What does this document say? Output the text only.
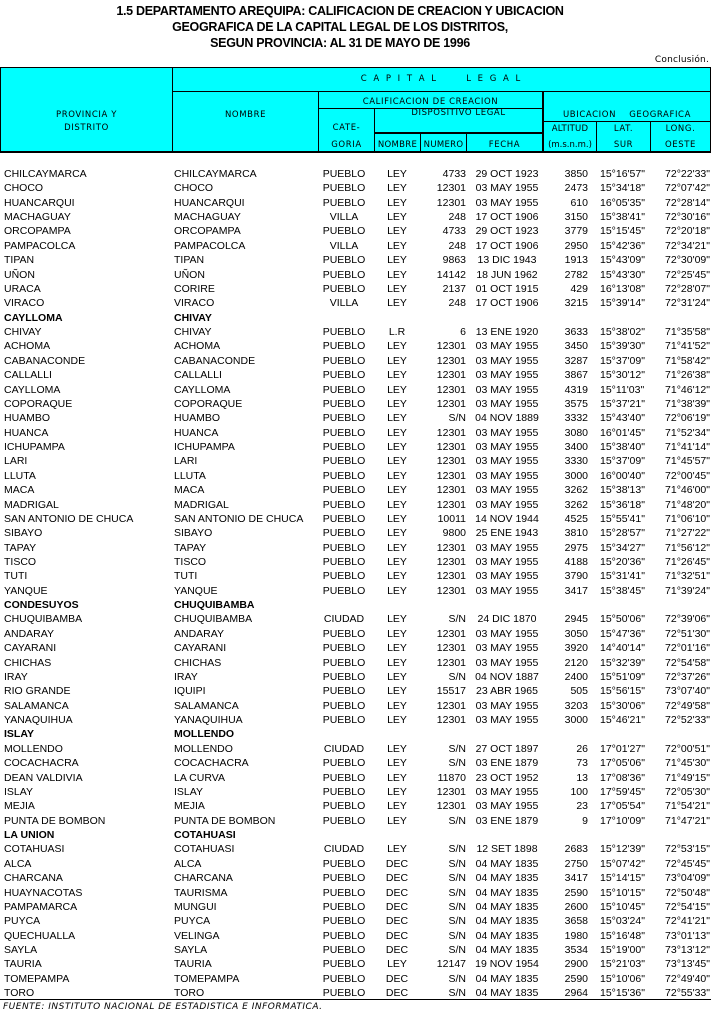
1.5 DEPARTAMENTO AREQUIPA: CALIFICACION DE CREACION Y UBICACION
GEOGRAFICA DE LA CAPITAL LEGAL DE LOS DISTRITOS,
SEGUN PROVINCIA: AL 31 DE MAYO DE 1996
Conclusión.
PROVINCIA Y
DISTRITO
C A P I T A L      L E G A L
NOMBRE
CALIFICACION DE CREACION
DISPOSITIVO LEGAL
CATE-
GORIA	NOMBRE NUMERO	FECHA
UBICACION    GEOGRAFICA
ALTITUD
(m.s.n.m.)
LAT.
SUR
LONG.
OESTE
CHILCAYMARCA	CHILCAYMARCA	PUEBLO	LEY	4733 29 OCT 1923	3850 15°16'57"	72°22'33"
CHOCO	CHOCO	PUEBLO	LEY	12301 03 MAY 1955	2473 15°34'18"	72°07'42"
HUANCARQUI	HUANCARQUI	PUEBLO	LEY	12301 03 MAY 1955	610 16°05'35"	72°28'14"
MACHAGUAY	MACHAGUAY	VILLA	LEY	248 17 OCT 1906	3150 15°38'41"	72°30'16"
ORCOPAMPA	ORCOPAMPA	PUEBLO	LEY	4733 29 OCT 1923	3779 15°15'45"	72°20'18"
PAMPACOLCA	PAMPACOLCA	VILLA	LEY	248 17 OCT 1906	2950 15°42'36"	72°34'21"
TIPAN	TIPAN	PUEBLO	LEY	9863	13 DIC 1943	1913 15°43'09"	72°30'09"
UÑON	UÑON	PUEBLO	LEY	14142 18 JUN 1962	2782 15°43'30"	72°25'45"
URACA	CORIRE	PUEBLO	LEY	2137 01 OCT 1915	429 16°13'08"	72°28'07"
VIRACO	VIRACO	VILLA	LEY	248 17 OCT 1906	3215 15°39'14"	72°31'24"
CAYLLOMA	CHIVAY
CHIVAY	CHIVAY	PUEBLO	L.R	6 13 ENE 1920	3633 15°38'02"	71°35'58"
ACHOMA	ACHOMA	PUEBLO	LEY	12301 03 MAY 1955	3450 15°39'30"	71°41'52"
CABANACONDE	CABANACONDE	PUEBLO	LEY	12301 03 MAY 1955	3287 15°37'09"	71°58'42"
CALLALLI	CALLALLI	PUEBLO	LEY	12301 03 MAY 1955	3867 15°30'12"	71°26'38"
CAYLLOMA	CAYLLOMA	PUEBLO	LEY	12301 03 MAY 1955	4319 15°11'03"	71°46'12"
COPORAQUE	COPORAQUE	PUEBLO	LEY	12301 03 MAY 1955	3575 15°37'21"	71°38'39"
HUAMBO	HUAMBO	PUEBLO	LEY	S/N 04 NOV 1889	3332 15°43'40"	72°06'19"
HUANCA	HUANCA	PUEBLO	LEY	12301 03 MAY 1955	3080 16°01'45"	71°52'34"
ICHUPAMPA	ICHUPAMPA	PUEBLO	LEY	12301 03 MAY 1955	3400 15°38'40"	71°41'14"
LARI	LARI	PUEBLO	LEY	12301 03 MAY 1955	3330 15°37'09"	71°45'57"
LLUTA	LLUTA	PUEBLO	LEY	12301 03 MAY 1955	3000 16°00'40"	72°00'45"
MACA	MACA	PUEBLO	LEY	12301 03 MAY 1955	3262 15°38'13"	71°46'00"
MADRIGAL	MADRIGAL	PUEBLO	LEY	12301 03 MAY 1955	3262 15°36'18"	71°48'20"
SAN ANTONIO DE CHUCA	SAN ANTONIO DE CHUCA PUEBLO	LEY	10011 14 NOV 1944	4525 15°55'41"	71°06'10"
SIBAYO	SIBAYO	PUEBLO	LEY	9800 25 ENE 1943	3810 15°28'57"	71°27'22"
TAPAY	TAPAY	PUEBLO	LEY	12301 03 MAY 1955	2975 15°34'27"	71°56'12"
TISCO	TISCO	PUEBLO	LEY	12301 03 MAY 1955	4188 15°20'36"	71°26'45"
TUTI	TUTI	PUEBLO	LEY	12301 03 MAY 1955	3790 15°31'41"	71°32'51"
YANQUE	YANQUE	PUEBLO	LEY	12301 03 MAY 1955	3417 15°38'45"	71°39'24"
CONDESUYOS	CHUQUIBAMBA
CHUQUIBAMBA	CHUQUIBAMBA	CIUDAD	LEY	S/N	24 DIC 1870	2945 15°50'06"	72°39'06"
ANDARAY	ANDARAY	PUEBLO	LEY	12301 03 MAY 1955	3050 15°47'36"	72°51'30"
CAYARANI	CAYARANI	PUEBLO	LEY	12301 03 MAY 1955	3920 14°40'14"	72°01'16"
CHICHAS	CHICHAS	PUEBLO	LEY	12301 03 MAY 1955	2120 15°32'39"	72°54'58"
IRAY	IRAY	PUEBLO	LEY	S/N 04 NOV 1887	2400 15°51'09"	72°37'26"
RIO GRANDE	IQUIPI	PUEBLO	LEY	15517 23 ABR 1965	505 15°56'15"	73°07'40"
SALAMANCA	SALAMANCA	PUEBLO	LEY	12301 03 MAY 1955	3203 15°30'06"	72°49'58"
YANAQUIHUA	YANAQUIHUA	PUEBLO	LEY	12301 03 MAY 1955	3000 15°46'21"	72°52'33"
ISLAY	MOLLENDO
MOLLENDO	MOLLENDO	CIUDAD	LEY	S/N 27 OCT 1897	26 17°01'27"	72°00'51"
COCACHACRA	COCACHACRA	PUEBLO	LEY	S/N 03 ENE 1879	73 17°05'06"	71°45'30"
DEAN VALDIVIA	LA CURVA	PUEBLO	LEY	11870 23 OCT 1952	13 17°08'36"	71°49'15"
ISLAY	ISLAY	PUEBLO	LEY	12301 03 MAY 1955	100 17°59'45"	72°05'30"
MEJIA	MEJIA	PUEBLO	LEY	12301 03 MAY 1955	23 17°05'54"	71°54'21"
PUNTA DE BOMBON	PUNTA DE BOMBON	PUEBLO	LEY	S/N 03 ENE 1879	9 17°10'09"	71°47'21"
LA UNION	COTAHUASI
COTAHUASI	COTAHUASI	CIUDAD	LEY	S/N 12 SET 1898	2683 15°12'39"	72°53'15"
ALCA	ALCA	PUEBLO	DEC	S/N 04 MAY 1835	2750 15°07'42"	72°45'45"
CHARCANA	CHARCANA	PUEBLO	DEC	S/N 04 MAY 1835	3417 15°14'15"	73°04'09"
HUAYNACOTAS	TAURISMA	PUEBLO	DEC	S/N 04 MAY 1835	2590 15°10'15"	72°50'48"
PAMPAMARCA	MUNGUI	PUEBLO	DEC	S/N 04 MAY 1835	2600 15°10'45"	72°54'15"
PUYCA	PUYCA	PUEBLO	DEC	S/N 04 MAY 1835	3658 15°03'24"	72°41'21"
QUECHUALLA	VELINGA	PUEBLO	DEC	S/N 04 MAY 1835	1980 15°16'48"	73°01'13"
SAYLA	SAYLA	PUEBLO	DEC	S/N 04 MAY 1835	3534 15°19'00"	73°13'12"
TAURIA	TAURIA	PUEBLO	LEY	12147 19 NOV 1954	2900 15°21'03"	73°13'45"
TOMEPAMPA	TOMEPAMPA	PUEBLO	DEC	S/N 04 MAY 1835	2590 15°10'06"	72°49'40"
TORO	TORO	PUEBLO	DEC	S/N 04 MAY 1835	2964 15°15'36"	72°55'33"
FUENTE: INSTITUTO NACIONAL DE ESTADISTICA E INFORMATICA.
